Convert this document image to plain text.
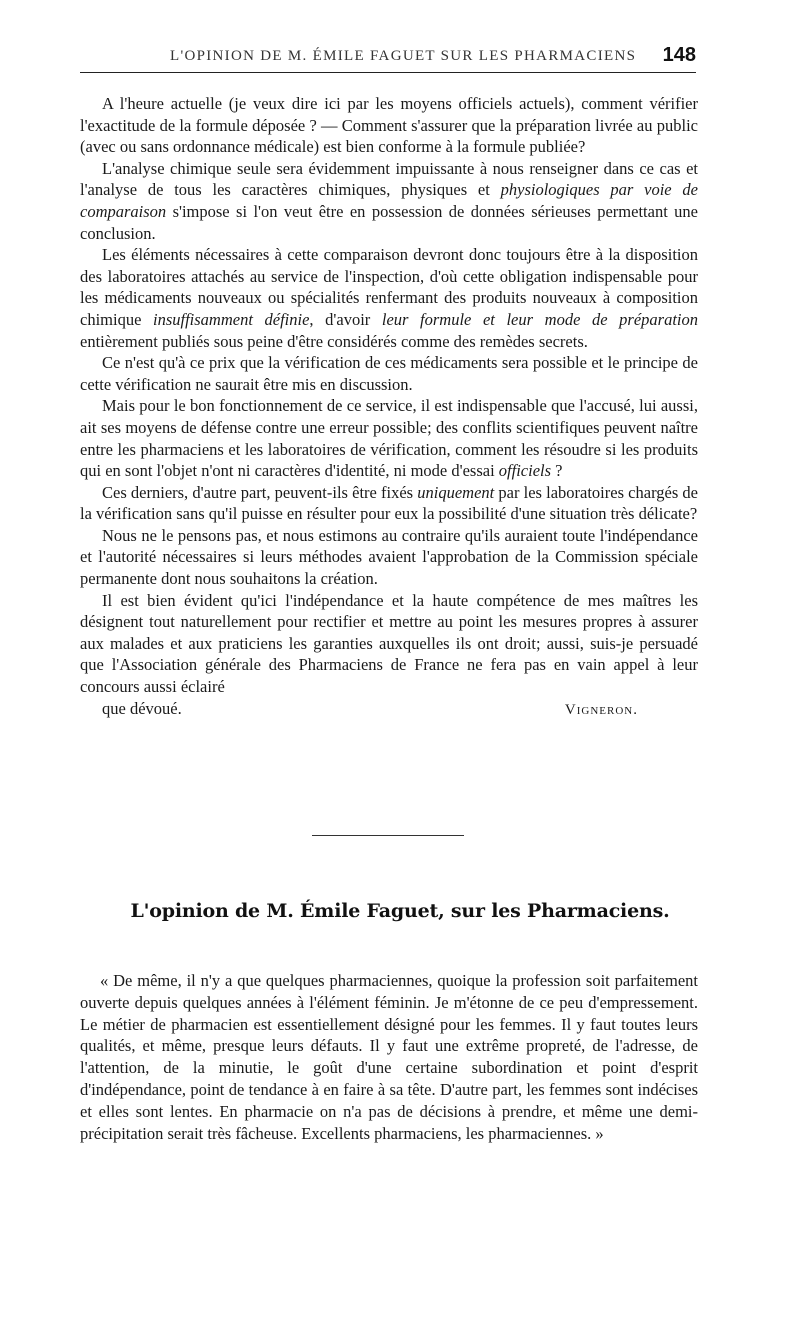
L'OPINION DE M. ÉMILE FAGUET SUR LES PHARMACIENS 148

A l'heure actuelle (je veux dire ici par les moyens officiels actuels), comment vérifier l'exactitude de la formule déposée ? — Comment s'assurer que la préparation livrée au public (avec ou sans ordonnance médicale) est bien conforme à la formule publiée?

L'analyse chimique seule sera évidemment impuissante à nous renseigner dans ce cas et l'analyse de tous les caractères chimiques, physiques et physiologiques par voie de comparaison s'impose si l'on veut être en possession de données sérieuses permettant une conclusion.

Les éléments nécessaires à cette comparaison devront donc toujours être à la disposition des laboratoires attachés au service de l'inspection, d'où cette obligation indispensable pour les médicaments nouveaux ou spécialités renfermant des produits nouveaux à composition chimique insuffisamment définie, d'avoir leur formule et leur mode de préparation entièrement publiés sous peine d'être considérés comme des remèdes secrets.

Ce n'est qu'à ce prix que la vérification de ces médicaments sera possible et le principe de cette vérification ne saurait être mis en discussion.

Mais pour le bon fonctionnement de ce service, il est indispensable que l'accusé, lui aussi, ait ses moyens de défense contre une erreur possible; des conflits scientifiques peuvent naître entre les pharmaciens et les laboratoires de vérification, comment les résoudre si les produits qui en sont l'objet n'ont ni caractères d'identité, ni mode d'essai officiels ?

Ces derniers, d'autre part, peuvent-ils être fixés uniquement par les laboratoires chargés de la vérification sans qu'il puisse en résulter pour eux la possibilité d'une situation très délicate?

Nous ne le pensons pas, et nous estimons au contraire qu'ils auraient toute l'indépendance et l'autorité nécessaires si leurs méthodes avaient l'approbation de la Commission spéciale permanente dont nous souhaitons la création.

Il est bien évident qu'ici l'indépendance et la haute compétence de mes maîtres les désignent tout naturellement pour rectifier et mettre au point les mesures propres à assurer aux malades et aux praticiens les garanties auxquelles ils ont droit; aussi, suis-je persuadé que l'Association générale des Pharmaciens de France ne fera pas en vain appel à leur concours aussi éclairé

que dévoué.	Vigneron.

L'opinion de M. Émile Faguet, sur les Pharmaciens.

« De même, il n'y a que quelques pharmaciennes, quoique la profession soit parfaitement ouverte depuis quelques années à l'élément féminin. Je m'étonne de ce peu d'empressement. Le métier de pharmacien est essentiellement désigné pour les femmes. Il y faut toutes leurs qualités, et même, presque leurs défauts. Il y faut une extrême propreté, de l'adresse, de l'attention, de la minutie, le goût d'une certaine subordination et point d'esprit d'indépendance, point de tendance à en faire à sa tête. D'autre part, les femmes sont indécises et elles sont lentes. En pharmacie on n'a pas de décisions à prendre, et même une demi-précipitation serait très fâcheuse. Excellents pharmaciens, les pharmaciennes. »
